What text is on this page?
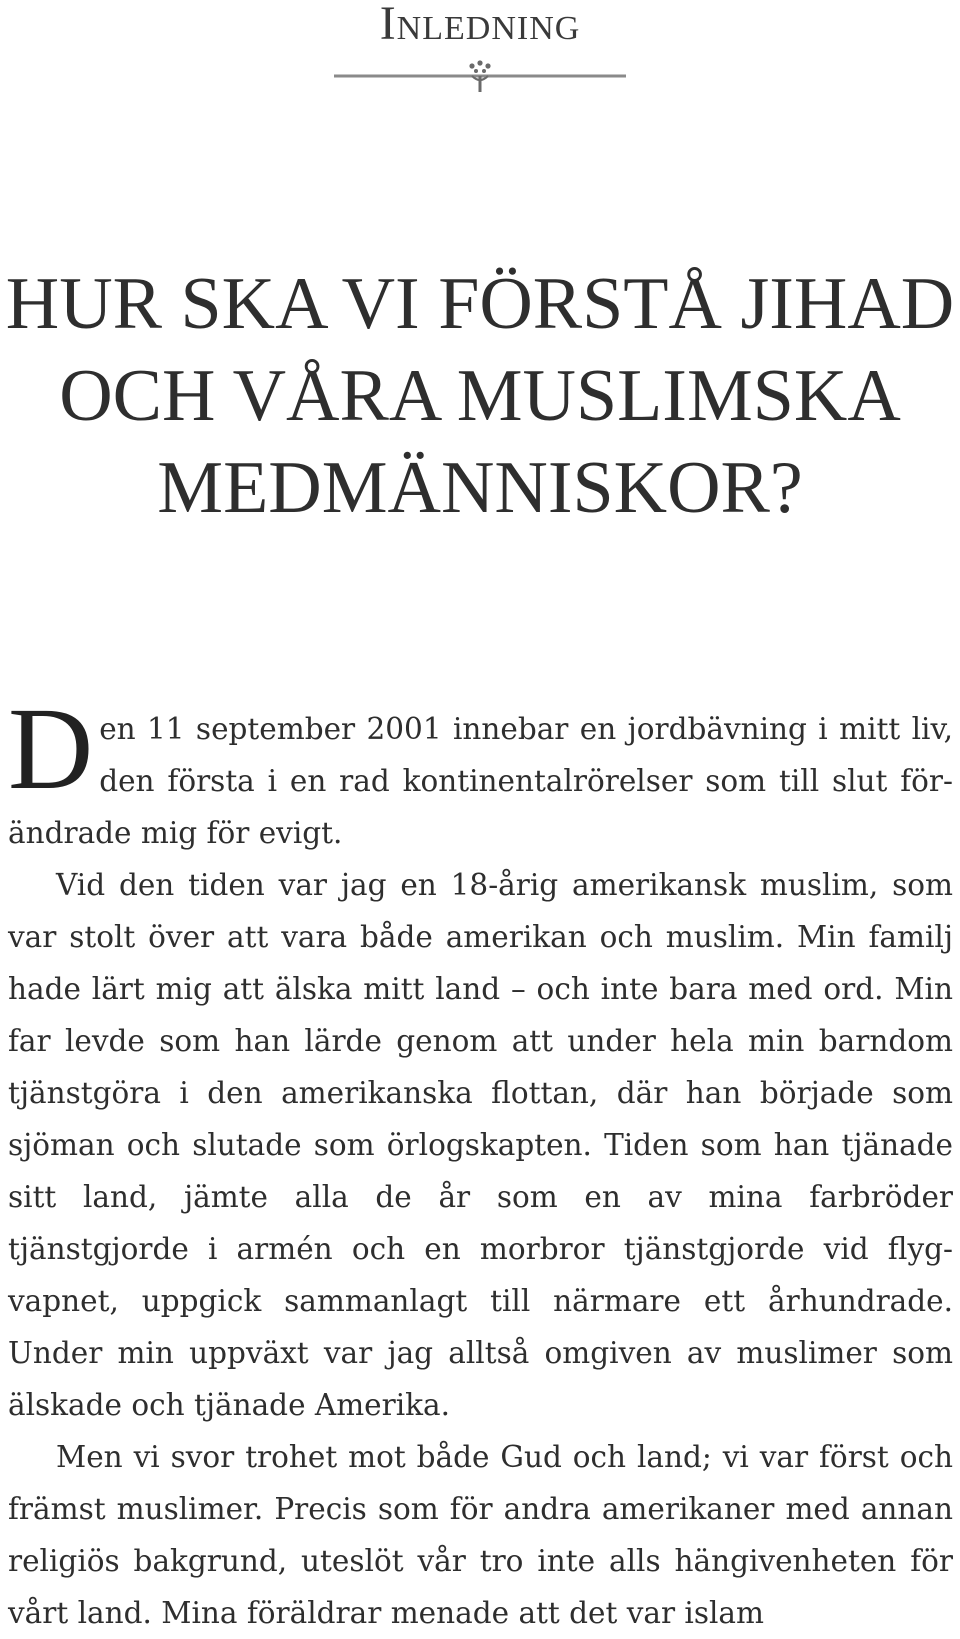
Inledning
HUR SKA VI FÖRSTÅ JIHAD
OCH VÅRA MUSLIMSKA
MEDMÄNNISKOR?

Den 11 september 2001 innebar en jordbävning i mitt liv, den första i en rad kontinentalrörelser som till slut förändrade mig för evigt.

Vid den tiden var jag en 18-årig amerikansk muslim, som var stolt över att vara både amerikan och muslim. Min familj hade lärt mig att älska mitt land – och inte bara med ord. Min far levde som han lärde genom att under hela min barndom tjänstgöra i den amerikanska flottan, där han började som sjöman och slutade som örlogskapten. Tiden som han tjänade sitt land, jämte alla de år som en av mina farbröder tjänstgjorde i armén och en morbror tjänstgjorde vid flygvapnet, uppgick sammanlagt till närmare ett århundrade. Under min uppväxt var jag alltså omgiven av muslimer som älskade och tjänade Amerika.

Men vi svor trohet mot både Gud och land; vi var först och främst muslimer. Precis som för andra amerikaner med annan religiös bakgrund, uteslöt vår tro inte alls hängivenheten för vårt land. Mina föräldrar menade att det var islam
